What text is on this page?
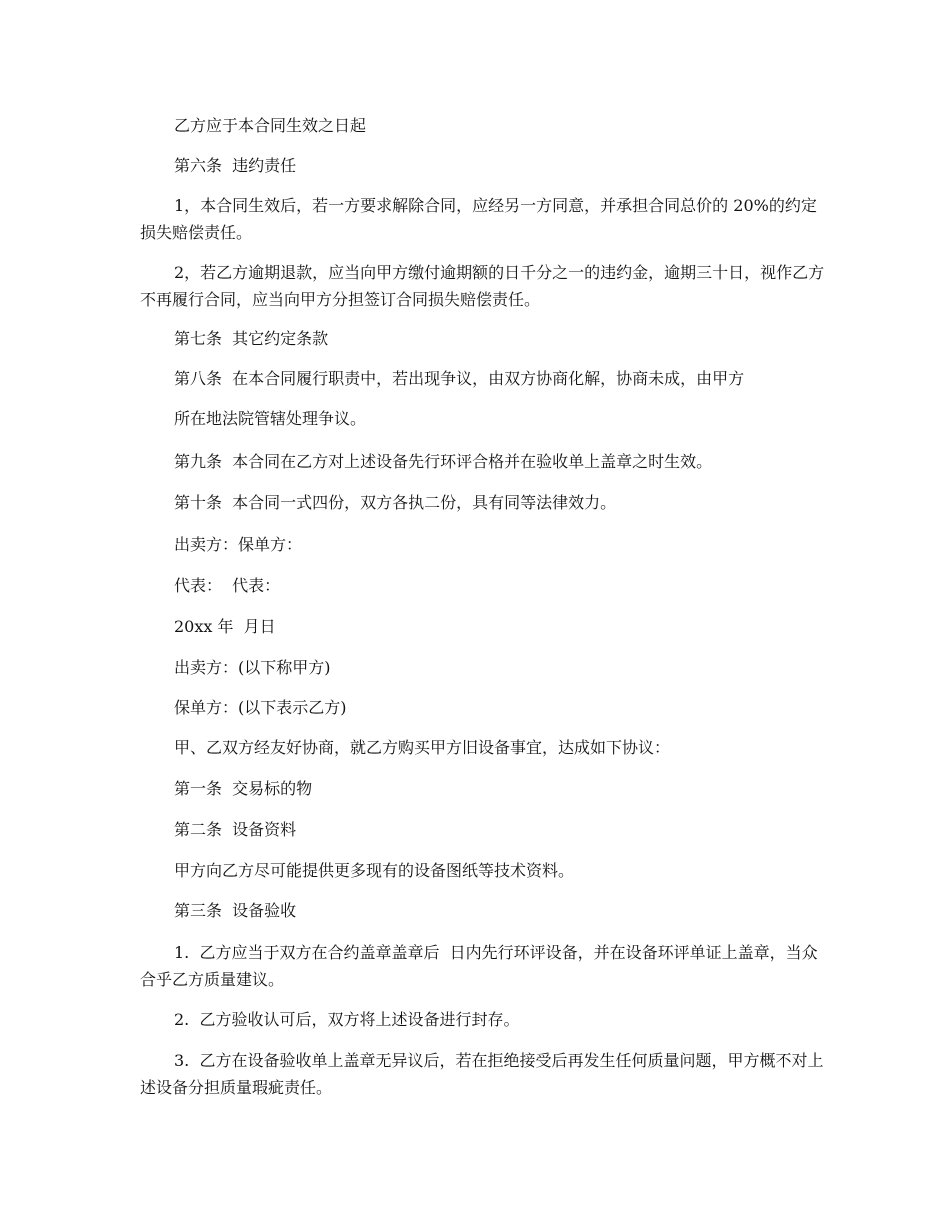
乙方应于本合同生效之日起

第六条  违约责任

1，本合同生效后，若一方要求解除合同，应经另一方同意，并承担合同总价的 20%的约定损失赔偿责任。

2，若乙方逾期退款，应当向甲方缴付逾期额的日千分之一的违约金，逾期三十日，视作乙方不再履行合同，应当向甲方分担签订合同损失赔偿责任。

第七条  其它约定条款

第八条  在本合同履行职责中，若出现争议，由双方协商化解，协商未成，由甲方

所在地法院管辖处理争议。

第九条  本合同在乙方对上述设备先行环评合格并在验收单上盖章之时生效。

第十条  本合同一式四份，双方各执二份，具有同等法律效力。

出卖方：保单方：

代表：  代表：

20xx 年  月日

出卖方：(以下称甲方)

保单方：(以下表示乙方)

甲、乙双方经友好协商，就乙方购买甲方旧设备事宜，达成如下协议：

第一条  交易标的物

第二条  设备资料

甲方向乙方尽可能提供更多现有的设备图纸等技术资料。

第三条  设备验收

1.  乙方应当于双方在合约盖章盖章后  日内先行环评设备，并在设备环评单证上盖章，当众合乎乙方质量建议。

2.  乙方验收认可后，双方将上述设备进行封存。

3.  乙方在设备验收单上盖章无异议后，若在拒绝接受后再发生任何质量问题，甲方概不对上述设备分担质量瑕疵责任。
